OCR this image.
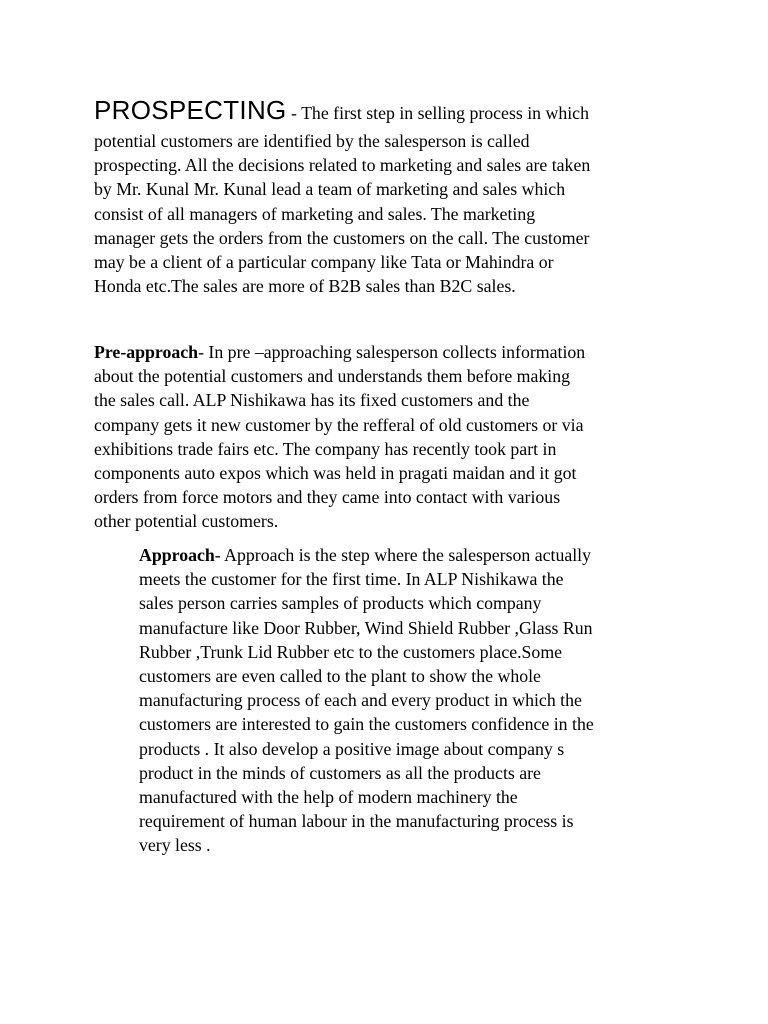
PROSPECTING - The first step in selling process in which
potential customers are identified by the salesperson is called
prospecting. All the decisions related to marketing and sales are taken
by Mr. Kunal Mr. Kunal lead a team of marketing and sales which
consist of all managers of marketing and sales. The marketing
manager gets the orders from the customers on the call. The customer
may be a client of a particular company like Tata or Mahindra or
Honda etc.The sales are more of B2B sales than B2C sales.

Pre-approach- In pre –approaching salesperson collects information
about the potential customers and understands them before making
the sales call. ALP Nishikawa has its fixed customers and the
company gets it new customer by the refferal of old customers or via
exhibitions trade fairs etc. The company has recently took part in
components auto expos which was held in pragati maidan and it got
orders from force motors and they came into contact with various
other potential customers.

Approach- Approach is the step where the salesperson actually
meets the customer for the first time. In ALP Nishikawa the
sales person carries samples of products which company
manufacture like Door Rubber, Wind Shield Rubber ,Glass Run
Rubber ,Trunk Lid Rubber etc to the customers place.Some
customers are even called to the plant to show the whole
manufacturing process of each and every product in which the
customers are interested to gain the customers confidence in the
products . It also develop a positive image about company s
product in the minds of customers as all the products are
manufactured with the help of modern machinery the
requirement of human labour in the manufacturing process is
very less .
